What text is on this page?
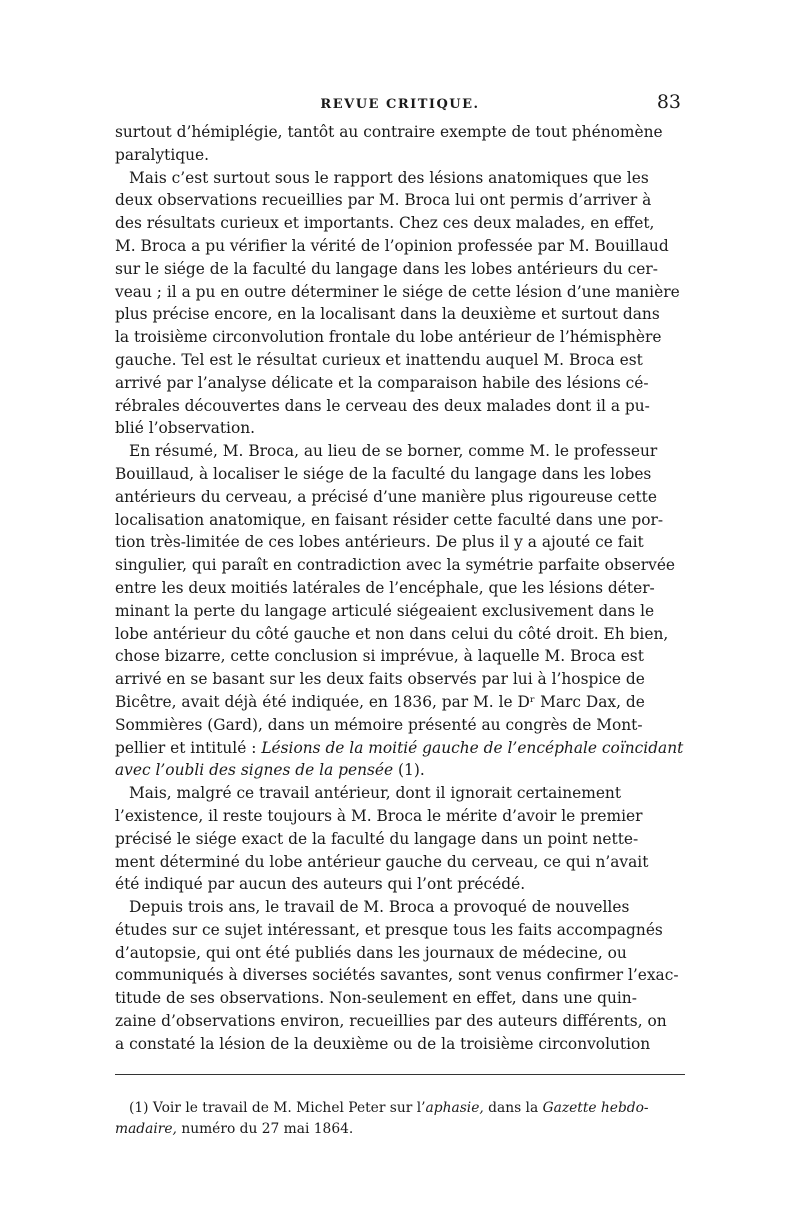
REVUE CRITIQUE.	83
surtout d’hémiplégie, tantôt au contraire exempte de tout phénomène
paralytique.
Mais c’est surtout sous le rapport des lésions anatomiques que les
deux observations recueillies par M. Broca lui ont permis d’arriver à
des résultats curieux et importants. Chez ces deux malades, en effet,
M. Broca a pu vérifier la vérité de l’opinion professée par M. Bouillaud
sur le siége de la faculté du langage dans les lobes antérieurs du cer-
veau ; il a pu en outre déterminer le siége de cette lésion d’une manière
plus précise encore, en la localisant dans la deuxième et surtout dans
la troisième circonvolution frontale du lobe antérieur de l’hémisphère
gauche. Tel est le résultat curieux et inattendu auquel M. Broca est
arrivé par l’analyse délicate et la comparaison habile des lésions cé-
rébrales découvertes dans le cerveau des deux malades dont il a pu-
blié l’observation.
En résumé, M. Broca, au lieu de se borner, comme M. le professeur
Bouillaud, à localiser le siége de la faculté du langage dans les lobes
antérieurs du cerveau, a précisé d’une manière plus rigoureuse cette
localisation anatomique, en faisant résider cette faculté dans une por-
tion très-limitée de ces lobes antérieurs. De plus il y a ajouté ce fait
singulier, qui paraît en contradiction avec la symétrie parfaite observée
entre les deux moitiés latérales de l’encéphale, que les lésions déter-
minant la perte du langage articulé siégeaient exclusivement dans le
lobe antérieur du côté gauche et non dans celui du côté droit. Eh bien,
chose bizarre, cette conclusion si imprévue, à laquelle M. Broca est
arrivé en se basant sur les deux faits observés par lui à l’hospice de
Bicêtre, avait déjà été indiquée, en 1836, par M. le Dʳ Marc Dax, de
Sommières (Gard), dans un mémoire présenté au congrès de Mont-
pellier et intitulé : Lésions de la moitié gauche de l’encéphale coïncidant
avec l’oubli des signes de la pensée (1).
Mais, malgré ce travail antérieur, dont il ignorait certainement
l’existence, il reste toujours à M. Broca le mérite d’avoir le premier
précisé le siége exact de la faculté du langage dans un point nette-
ment déterminé du lobe antérieur gauche du cerveau, ce qui n’avait
été indiqué par aucun des auteurs qui l’ont précédé.
Depuis trois ans, le travail de M. Broca a provoqué de nouvelles
études sur ce sujet intéressant, et presque tous les faits accompagnés
d’autopsie, qui ont été publiés dans les journaux de médecine, ou
communiqués à diverses sociétés savantes, sont venus confirmer l’exac-
titude de ses observations. Non-seulement en effet, dans une quin-
zaine d’observations environ, recueillies par des auteurs différents, on
a constaté la lésion de la deuxième ou de la troisième circonvolution
(1) Voir le travail de M. Michel Peter sur l’aphasie, dans la Gazette hebdo-
madaire, numéro du 27 mai 1864.
